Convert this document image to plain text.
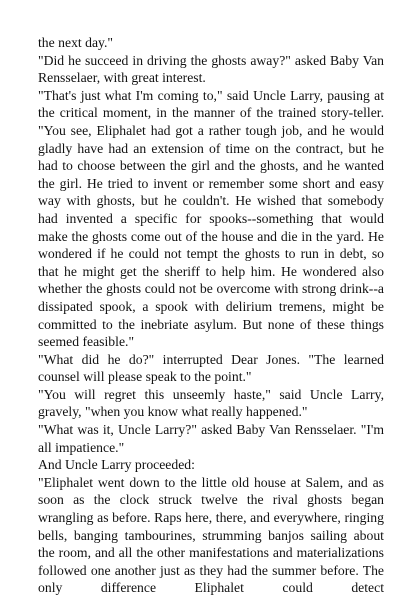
the next day."

"Did he succeed in driving the ghosts away?" asked Baby Van Rensselaer, with great interest.

"That's just what I'm coming to," said Uncle Larry, pausing at the critical moment, in the manner of the trained story-teller. "You see, Eliphalet had got a rather tough job, and he would gladly have had an extension of time on the contract, but he had to choose between the girl and the ghosts, and he wanted the girl. He tried to invent or remember some short and easy way with ghosts, but he couldn't. He wished that somebody had invented a specific for spooks--something that would make the ghosts come out of the house and die in the yard. He wondered if he could not tempt the ghosts to run in debt, so that he might get the sheriff to help him. He wondered also whether the ghosts could not be overcome with strong drink--a dissipated spook, a spook with delirium tremens, might be committed to the inebriate asylum. But none of these things seemed feasible."

"What did he do?" interrupted Dear Jones. "The learned counsel will please speak to the point."

"You will regret this unseemly haste," said Uncle Larry, gravely, "when you know what really happened."

"What was it, Uncle Larry?" asked Baby Van Rensselaer. "I'm all impatience."

And Uncle Larry proceeded:

"Eliphalet went down to the little old house at Salem, and as soon as the clock struck twelve the rival ghosts began wrangling as before. Raps here, there, and everywhere, ringing bells, banging tambourines, strumming banjos sailing about the room, and all the other manifestations and materializations followed one another just as they had the summer before. The only difference Eliphalet could detect
